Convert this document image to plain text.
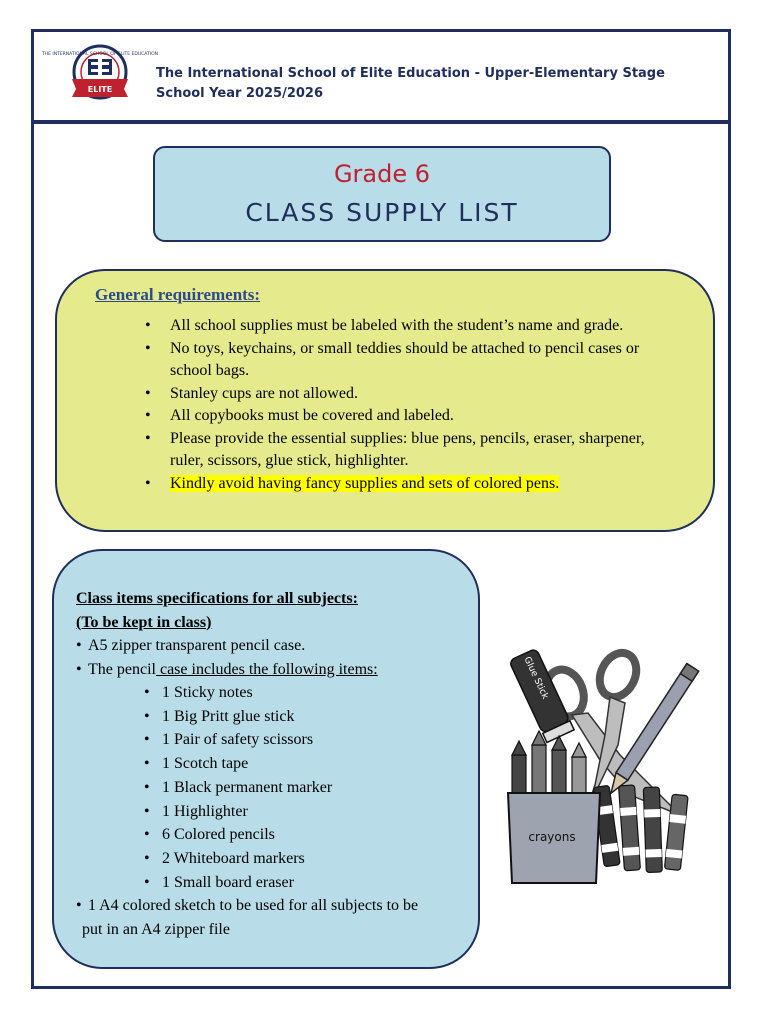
THE INTERNATIONAL SCHOOL OF ELITE EDUCATION
ELITE
The International School of Elite Education - Upper-Elementary Stage
School Year 2025/2026
Grade 6
CLASS SUPPLY LIST
General requirements:
• All school supplies must be labeled with the student’s name and grade.
• No toys, keychains, or small teddies should be attached to pencil cases or school bags.
• Stanley cups are not allowed.
• All copybooks must be covered and labeled.
• Please provide the essential supplies: blue pens, pencils, eraser, sharpener, ruler, scissors, glue stick, highlighter.
• Kindly avoid having fancy supplies and sets of colored pens.
Class items specifications for all subjects:
(To be kept in class)
• A5 zipper transparent pencil case.
• The pencil case includes the following items:
• 1 Sticky notes
• 1 Big Pritt glue stick
• 1 Pair of safety scissors
• 1 Scotch tape
• 1 Black permanent marker
• 1 Highlighter
• 6 Colored pencils
• 2 Whiteboard markers
• 1 Small board eraser
• 1 A4 colored sketch to be used for all subjects to be
put in an A4 zipper file
Glue Stick
crayons
